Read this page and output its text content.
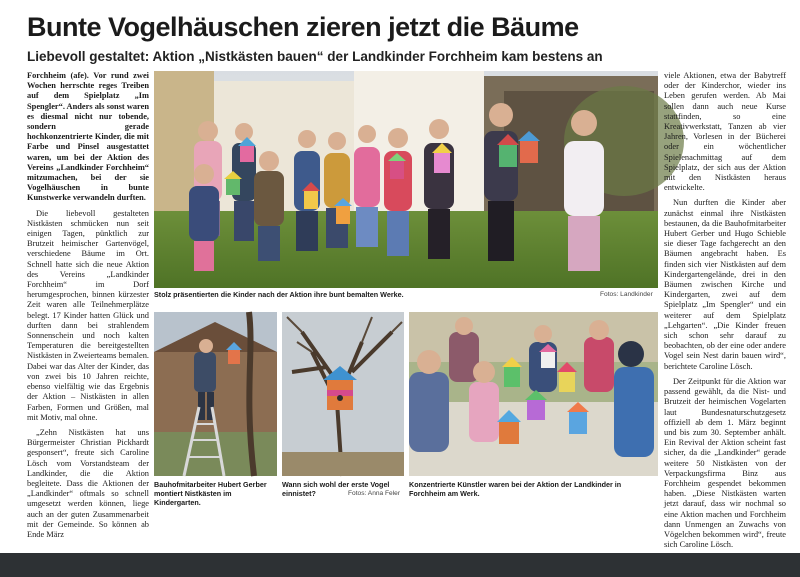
Bunte Vogelhäuschen zieren jetzt die Bäume
Liebevoll gestaltet: Aktion „Nistkästen bauen“ der Landkinder Forchheim kam bestens an

Forchheim (afe). Vor rund zwei Wochen herrschte reges Treiben auf dem Spielplatz „Im Spengler“. Anders als sonst waren es diesmal nicht nur tobende, sondern gerade hochkonzentrierte Kinder, die mit Farbe und Pinsel ausgestattet waren, um bei der Aktion des Vereins „Landkinder Forchheim“ mitzumachen, bei der sie Vogelhäuschen in bunte Kunstwerke verwandeln durften.

Die liebevoll gestalteten Nistkästen schmücken nun seit einigen Tagen, pünktlich zur Brutzeit heimischer Gartenvögel, verschiedene Bäume im Ort. Schnell hatte sich die neue Aktion des Vereins „Landkinder Forchheim“ im Dorf herumgesprochen, binnen kürzester Zeit waren alle Teilnehmerplätze belegt. 17 Kinder hatten Glück und durften dann bei strahlendem Sonnenschein und noch kalten Temperaturen die bereitgestellten Nistkästen in Zweierteams bemalen. Dabei war das Alter der Kinder, das von zwei bis 10 Jahren reichte, ebenso vielfältig wie das Ergebnis der Aktion – Nistkästen in allen Farben, Formen und Größen, mal mit Motiv, mal ohne.

„Zehn Nistkästen hat uns Bürgermeister Christian Pickhardt gesponsert“, freute sich Caroline Lösch vom Vorstandsteam der Landkinder, die die Aktion begleitete. Dass die Aktionen der „Landkinder“ oftmals so schnell umgesetzt werden können, liege auch an der guten Zusammenarbeit mit der Gemeinde. So können ab Ende März

Stolz präsentierten die Kinder nach der Aktion ihre bunt bemalten Werke.	Fotos: Landkinder
Bauhofmitarbeiter Hubert Gerber montiert Nistkästen im Kindergarten.
Wann sich wohl der erste Vogel einnistet?	Fotos: Anna Feler
Konzentrierte Künstler waren bei der Aktion der Landkinder in Forchheim am Werk.

viele Aktionen, etwa der Babytreff oder der Kinderchor, wieder ins Leben gerufen werden. Ab Mai sollen dann auch neue Kurse stattfinden, so eine Kreativwerkstatt, Tanzen ab vier Jahren, Vorlesen in der Bücherei oder ein wöchentlicher Spielenachmittag auf dem Spielplatz, der sich aus der Aktion mit den Nistkästen heraus entwickelte.

Nun durften die Kinder aber zunächst einmal ihre Nistkästen bestaunen, da die Bauhofmitarbeiter Hubert Gerber und Hugo Schieble sie dieser Tage fachgerecht an den Bäumen angebracht haben. Es finden sich vier Nistkästen auf dem Kindergartengelände, drei in den Bäumen zwischen Kirche und Kindergarten, zwei auf dem Spielplatz „Im Spengler“ und ein weiterer auf dem Spielplatz „Lehgarten“. „Die Kinder freuen sich schon sehr darauf zu beobachten, ob der eine oder andere Vogel sein Nest darin bauen wird“, berichtete Caroline Lösch.

Der Zeitpunkt für die Aktion war passend gewählt, da die Nist- und Brutzeit der heimischen Vogelarten laut Bundesnaturschutzgesetz offiziell ab dem 1. März beginnt und bis zum 30. September anhält. Ein Revival der Aktion scheint fast sicher, da die „Landkinder“ gerade weitere 50 Nistkästen von der Verpackungsfirma Binz aus Forchheim gespendet bekommen haben. „Diese Nistkästen warten jetzt darauf, dass wir nochmal so eine Aktion machen und Forchheim dann Unmengen an Zuwachs von Vögelchen bekommen wird“, freute sich Caroline Lösch.
